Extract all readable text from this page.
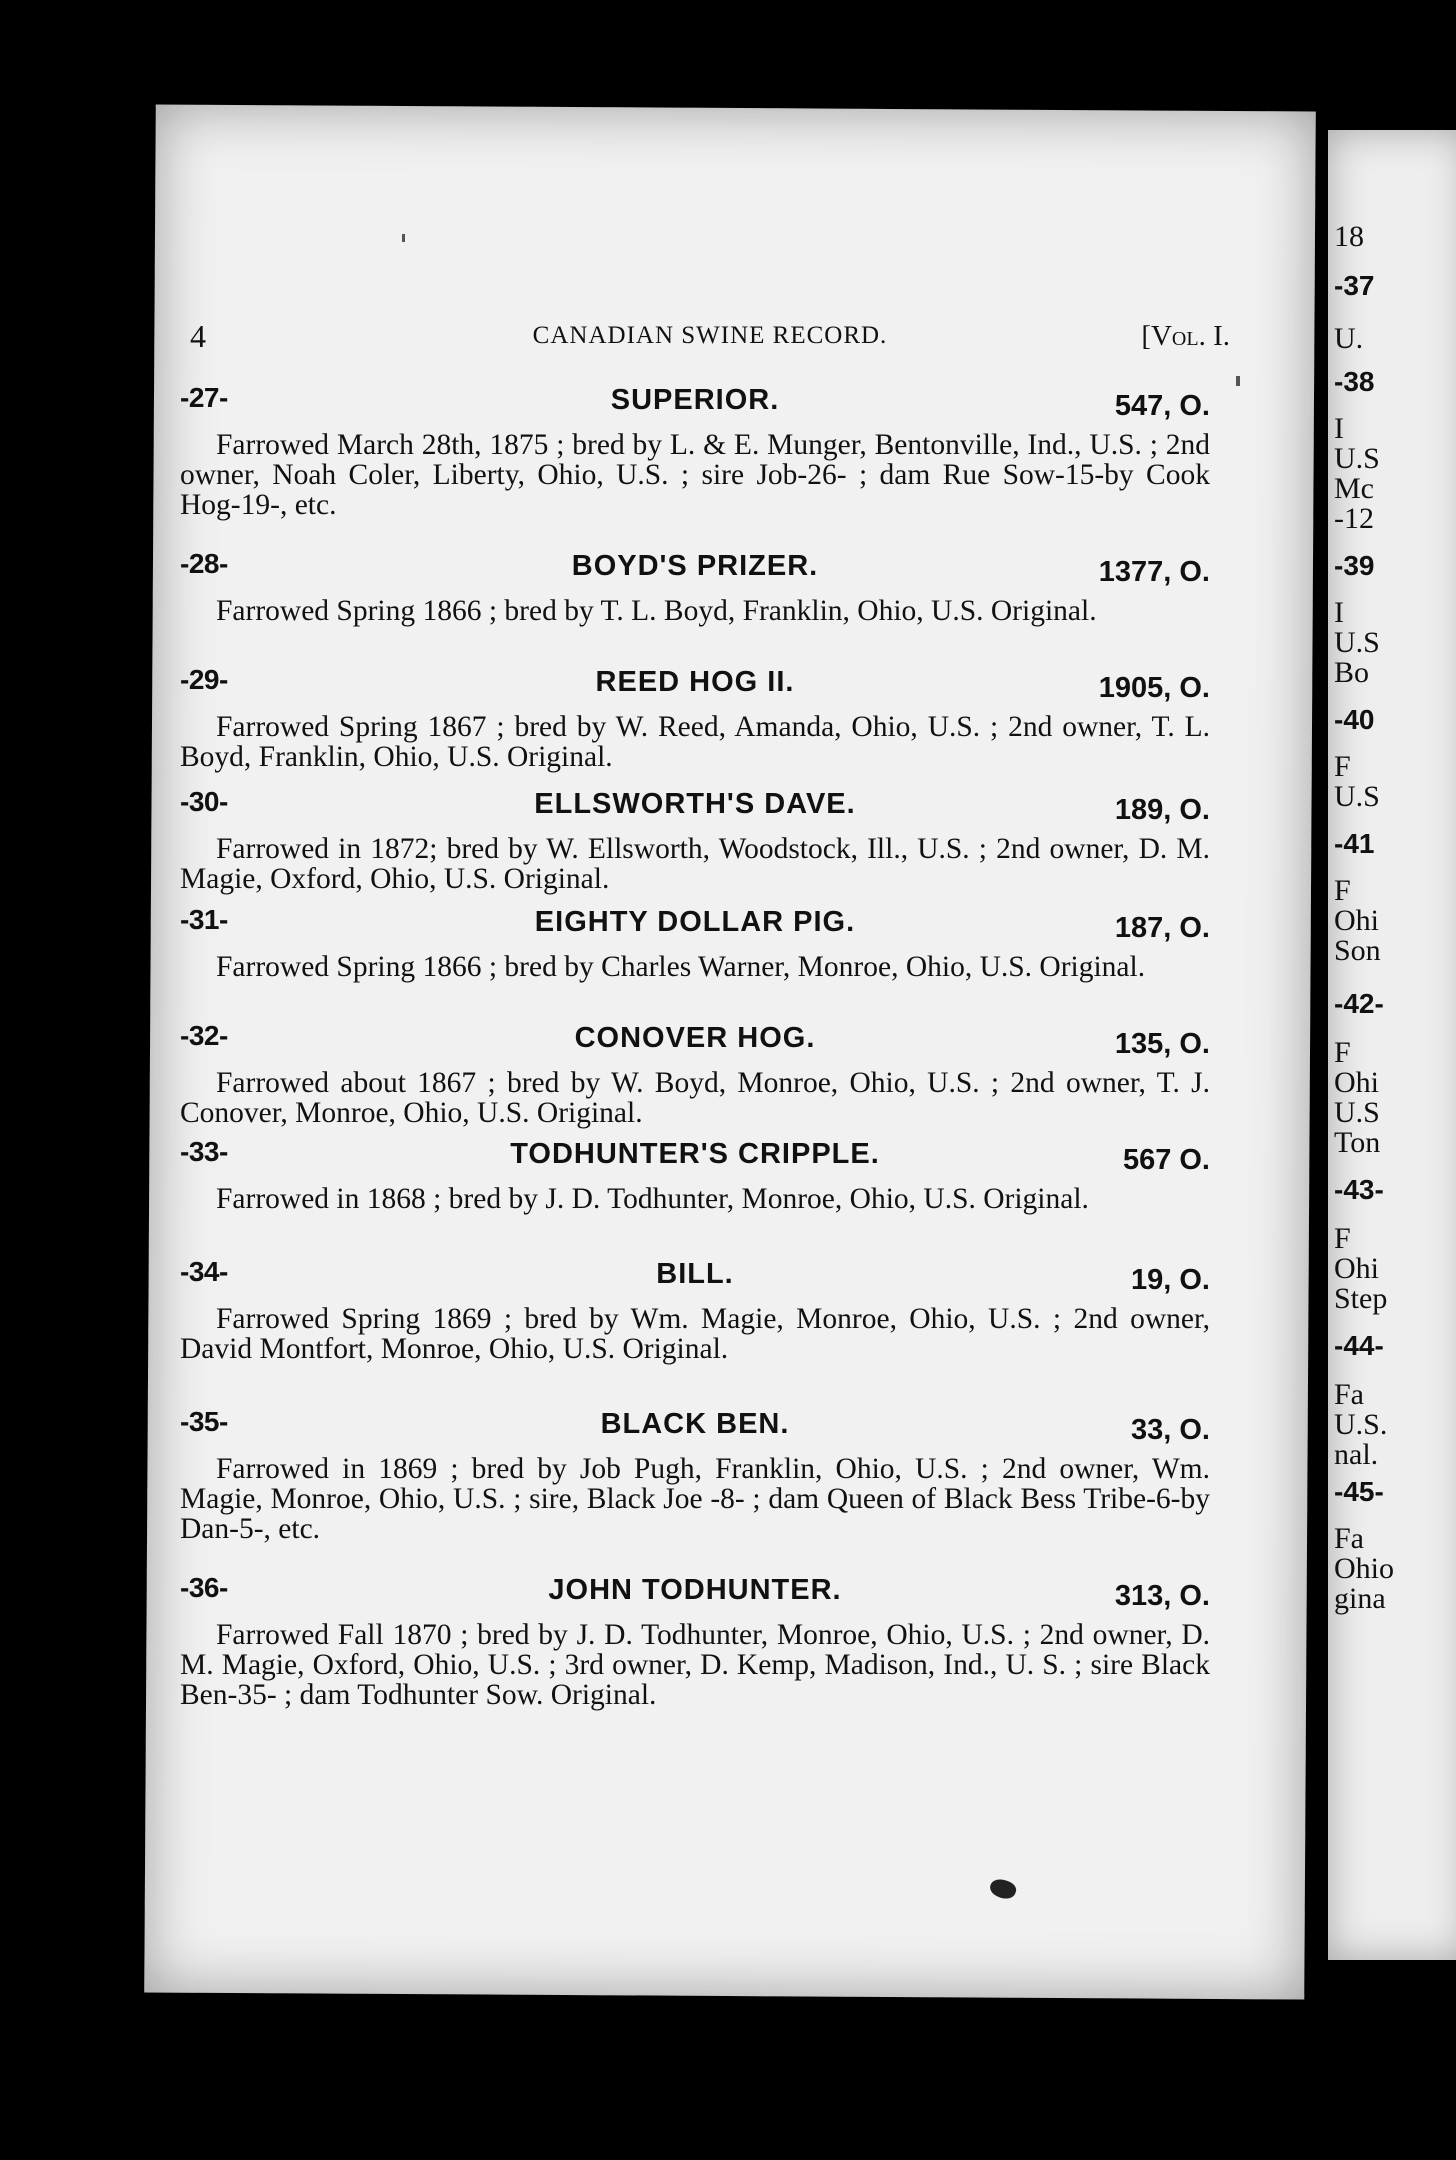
18
-37
U.
-38
I
U.S
Mc
-12
-39
I
U.S
Bo
-40
F
U.S
-41
F
Ohi
Son
-42-
F
Ohi
U.S
Ton
-43-
F
Ohi
Step
-44-
Fa
U.S.
nal.
-45-
Fa
Ohio
gina
4	CANADIAN SWINE RECORD.	[Vol. I.
-27-	SUPERIOR.	547, O.
Farrowed March 28th, 1875 ; bred by L. & E. Munger, Bentonville, Ind., U.S. ; 2nd owner, Noah Coler, Liberty, Ohio, U.S. ; sire Job-26- ; dam Rue Sow-15-by Cook Hog-19-, etc.
-28-	BOYD'S PRIZER.	1377, O.
Farrowed Spring 1866 ; bred by T. L. Boyd, Franklin, Ohio, U.S. Original.
-29-	REED HOG II.	1905, O.
Farrowed Spring 1867 ; bred by W. Reed, Amanda, Ohio, U.S. ; 2nd owner, T. L. Boyd, Franklin, Ohio, U.S. Original.
-30-	ELLSWORTH'S DAVE.	189, O.
Farrowed in 1872; bred by W. Ellsworth, Woodstock, Ill., U.S. ; 2nd owner, D. M. Magie, Oxford, Ohio, U.S. Original.
-31-	EIGHTY DOLLAR PIG.	187, O.
Farrowed Spring 1866 ; bred by Charles Warner, Monroe, Ohio, U.S. Original.
-32-	CONOVER HOG.	135, O.
Farrowed about 1867 ; bred by W. Boyd, Monroe, Ohio, U.S. ; 2nd owner, T. J. Conover, Monroe, Ohio, U.S. Original.
-33-	TODHUNTER'S CRIPPLE.	567 O.
Farrowed in 1868 ; bred by J. D. Todhunter, Monroe, Ohio, U.S. Original.
-34-	BILL.	19, O.
Farrowed Spring 1869 ; bred by Wm. Magie, Monroe, Ohio, U.S. ; 2nd owner, David Montfort, Monroe, Ohio, U.S. Original.
-35-	BLACK BEN.	33, O.
Farrowed in 1869 ; bred by Job Pugh, Franklin, Ohio, U.S. ; 2nd owner, Wm. Magie, Monroe, Ohio, U.S. ; sire, Black Joe -8- ; dam Queen of Black Bess Tribe-6-by Dan-5-, etc.
-36-	JOHN TODHUNTER.	313, O.
Farrowed Fall 1870 ; bred by J. D. Todhunter, Monroe, Ohio, U.S. ; 2nd owner, D. M. Magie, Oxford, Ohio, U.S. ; 3rd owner, D. Kemp, Madison, Ind., U. S. ; sire Black Ben-35- ; dam Todhunter Sow. Original.
